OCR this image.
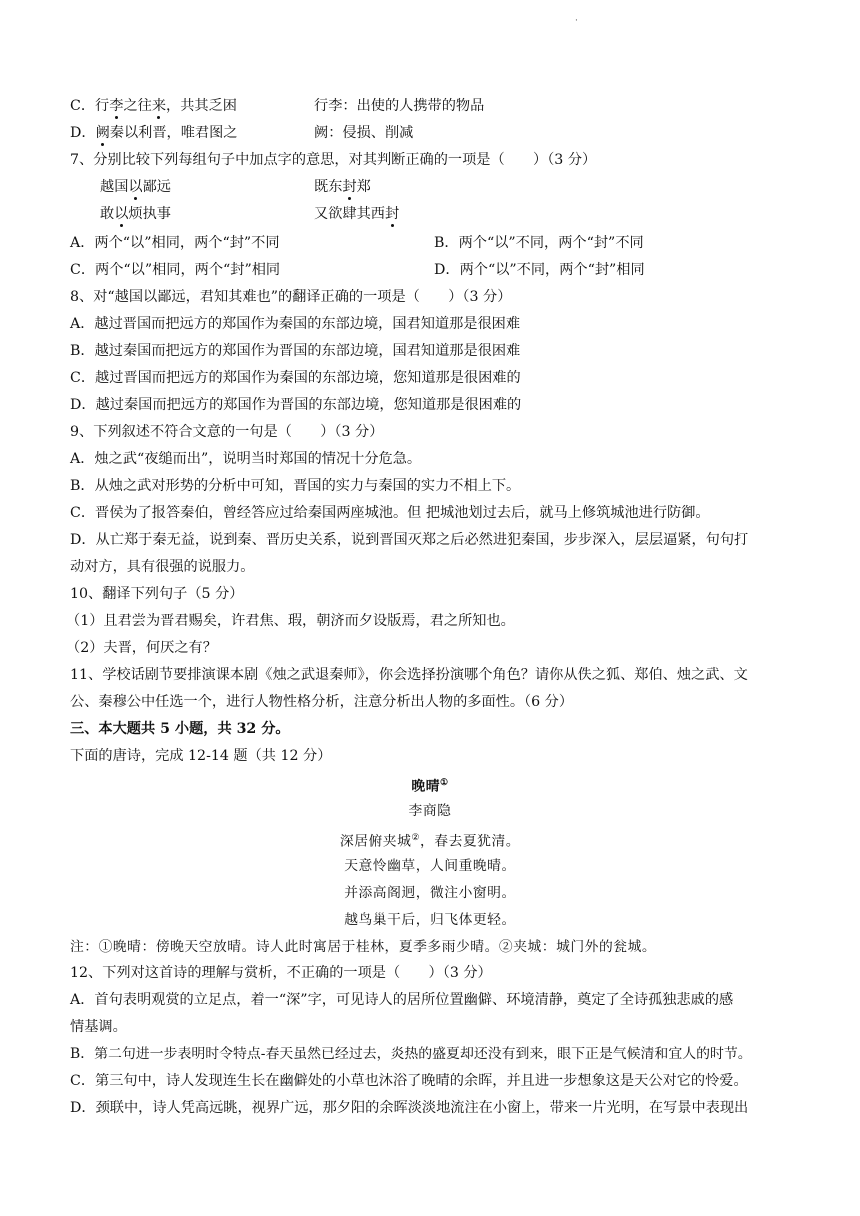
·
C．行李之往来，共其乏困	行李：出使的人携带的物品
D．阙秦以利晋，唯君图之	阙：侵损、削减
7、分别比较下列每组句子中加点字的意思，对其判断正确的一项是（　　）（3 分）
越国以鄙远	既东封郑
敢以烦执事	又欲肆其西封
A．两个“以”相同，两个“封”不同	B．两个“以”不同，两个“封”不同
C．两个“以”相同，两个“封”相同	D．两个“以”不同，两个“封”相同
8、对“越国以鄙远，君知其难也”的翻译正确的一项是（　　）（3 分）
A．越过晋国而把远方的郑国作为秦国的东部边境，国君知道那是很困难
B．越过秦国而把远方的郑国作为晋国的东部边境，国君知道那是很困难
C．越过晋国而把远方的郑国作为秦国的东部边境，您知道那是很困难的
D．越过秦国而把远方的郑国作为晋国的东部边境，您知道那是很困难的
9、下列叙述不符合文意的一句是（　　）（3 分）
A．烛之武“夜缒而出”，说明当时郑国的情况十分危急。
B．从烛之武对形势的分析中可知，晋国的实力与秦国的实力不相上下。
C．晋侯为了报答秦伯，曾经答应过给秦国两座城池。但 把城池划过去后，就马上修筑城池进行防御。
D．从亡郑于秦无益，说到秦、晋历史关系，说到晋国灭郑之后必然进犯秦国，步步深入，层层逼紧，句句打
动对方，具有很强的说服力。
10、翻译下列句子（5 分）
（1）且君尝为晋君赐矣，许君焦、瑕，朝济而夕设版焉，君之所知也。
（2）夫晋，何厌之有？
11、学校话剧节要排演课本剧《烛之武退秦师》，你会选择扮演哪个角色？请你从佚之狐、郑伯、烛之武、文
公、秦穆公中任选一个，进行人物性格分析，注意分析出人物的多面性。（6 分）
三、本大题共 5 小题，共 32 分。
下面的唐诗，完成 12-14 题（共 12 分）
晚晴①
李商隐
深居俯夹城②，春去夏犹清。
天意怜幽草，人间重晚晴。
并添高阁迥，微注小窗明。
越鸟巢干后，归飞体更轻。
注：①晚晴：傍晚天空放晴。诗人此时寓居于桂林，夏季多雨少晴。②夹城：城门外的瓮城。
12、下列对这首诗的理解与赏析，不正确的一项是（　　）（3 分）
A．首句表明观赏的立足点，着一“深”字，可见诗人的居所位置幽僻、环境清静，奠定了全诗孤独悲戚的感
情基调。
B．第二句进一步表明时令特点-春天虽然已经过去，炎热的盛夏却还没有到来，眼下正是气候清和宜人的时节。
C．第三句中，诗人发现连生长在幽僻处的小草也沐浴了晚晴的余晖，并且进一步想象这是天公对它的怜爱。
D．颈联中，诗人凭高远眺，视界广远，那夕阳的余晖淡淡地流注在小窗上，带来一片光明，在写景中表现出
